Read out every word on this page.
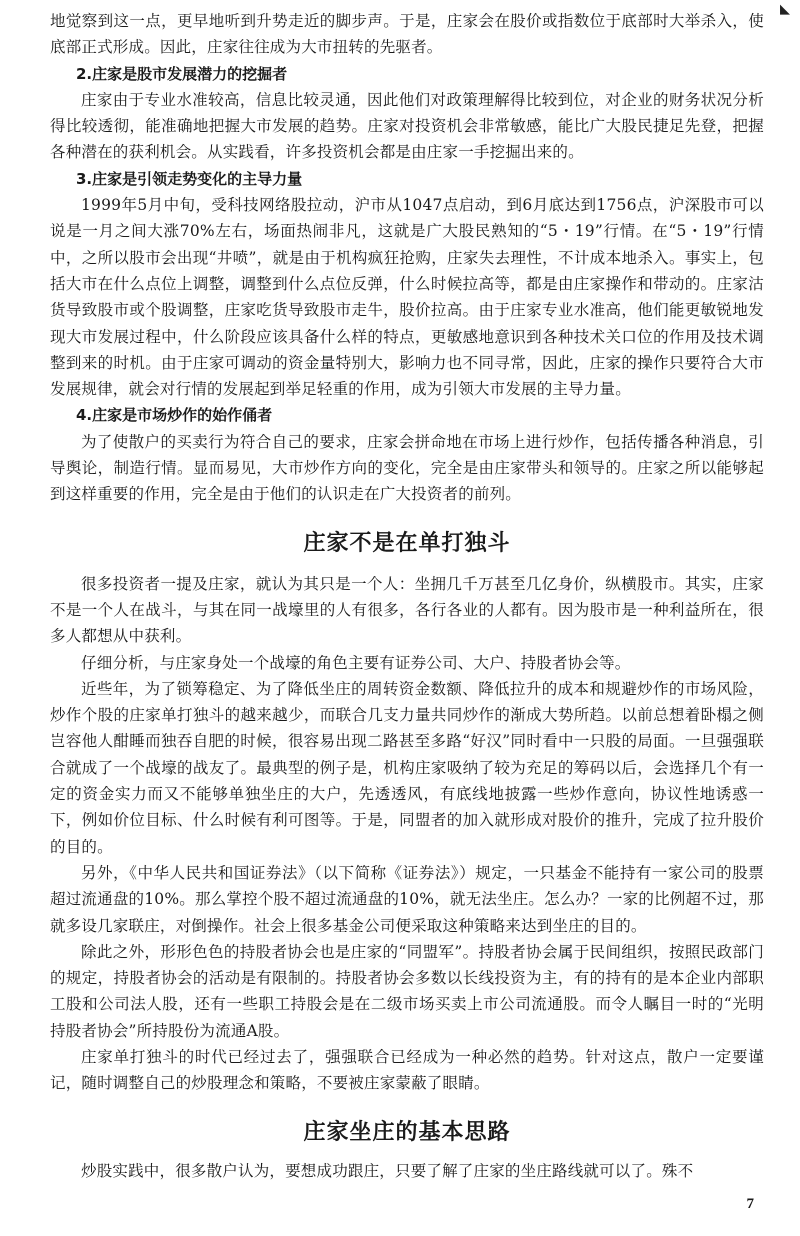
◣

地觉察到这一点，更早地听到升势走近的脚步声。于是，庄家会在股价或指数位于底部时大举杀入，使底部正式形成。因此，庄家往往成为大市扭转的先驱者。

2.庄家是股市发展潜力的挖掘者

庄家由于专业水准较高，信息比较灵通，因此他们对政策理解得比较到位，对企业的财务状况分析得比较透彻，能准确地把握大市发展的趋势。庄家对投资机会非常敏感，能比广大股民捷足先登，把握各种潜在的获利机会。从实践看，许多投资机会都是由庄家一手挖掘出来的。

3.庄家是引领走势变化的主导力量

1999年5月中旬，受科技网络股拉动，沪市从1047点启动，到6月底达到1756点，沪深股市可以说是一月之间大涨70%左右，场面热闹非凡，这就是广大股民熟知的“5・19”行情。在“5・19”行情中，之所以股市会出现“井喷”，就是由于机构疯狂抢购，庄家失去理性，不计成本地杀入。事实上，包括大市在什么点位上调整，调整到什么点位反弹，什么时候拉高等，都是由庄家操作和带动的。庄家沽货导致股市或个股调整，庄家吃货导致股市走牛，股价拉高。由于庄家专业水准高，他们能更敏锐地发现大市发展过程中，什么阶段应该具备什么样的特点，更敏感地意识到各种技术关口位的作用及技术调整到来的时机。由于庄家可调动的资金量特别大，影响力也不同寻常，因此，庄家的操作只要符合大市发展规律，就会对行情的发展起到举足轻重的作用，成为引领大市发展的主导力量。

4.庄家是市场炒作的始作俑者

为了使散户的买卖行为符合自己的要求，庄家会拼命地在市场上进行炒作，包括传播各种消息，引导舆论，制造行情。显而易见，大市炒作方向的变化，完全是由庄家带头和领导的。庄家之所以能够起到这样重要的作用，完全是由于他们的认识走在广大投资者的前列。

庄家不是在单打独斗

很多投资者一提及庄家，就认为其只是一个人：坐拥几千万甚至几亿身价，纵横股市。其实，庄家不是一个人在战斗，与其在同一战壕里的人有很多，各行各业的人都有。因为股市是一种利益所在，很多人都想从中获利。

仔细分析，与庄家身处一个战壕的角色主要有证券公司、大户、持股者协会等。

近些年，为了锁筹稳定、为了降低坐庄的周转资金数额、降低拉升的成本和规避炒作的市场风险，炒作个股的庄家单打独斗的越来越少，而联合几支力量共同炒作的渐成大势所趋。以前总想着卧榻之侧岂容他人酣睡而独吞自肥的时候，很容易出现二路甚至多路“好汉”同时看中一只股的局面。一旦强强联合就成了一个战壕的战友了。最典型的例子是，机构庄家吸纳了较为充足的筹码以后，会选择几个有一定的资金实力而又不能够单独坐庄的大户，先透透风，有底线地披露一些炒作意向，协议性地诱惑一下，例如价位目标、什么时候有利可图等。于是，同盟者的加入就形成对股价的推升，完成了拉升股价的目的。

另外，《中华人民共和国证券法》（以下简称《证券法》）规定，一只基金不能持有一家公司的股票超过流通盘的10%。那么掌控个股不超过流通盘的10%，就无法坐庄。怎么办？一家的比例超不过，那就多设几家联庄，对倒操作。社会上很多基金公司便采取这种策略来达到坐庄的目的。

除此之外，形形色色的持股者协会也是庄家的“同盟军”。持股者协会属于民间组织，按照民政部门的规定，持股者协会的活动是有限制的。持股者协会多数以长线投资为主，有的持有的是本企业内部职工股和公司法人股，还有一些职工持股会是在二级市场买卖上市公司流通股。而令人瞩目一时的“光明持股者协会”所持股份为流通A股。

庄家单打独斗的时代已经过去了，强强联合已经成为一种必然的趋势。针对这点，散户一定要谨记，随时调整自己的炒股理念和策略，不要被庄家蒙蔽了眼睛。

庄家坐庄的基本思路

炒股实践中，很多散户认为，要想成功跟庄，只要了解了庄家的坐庄路线就可以了。殊不

7
